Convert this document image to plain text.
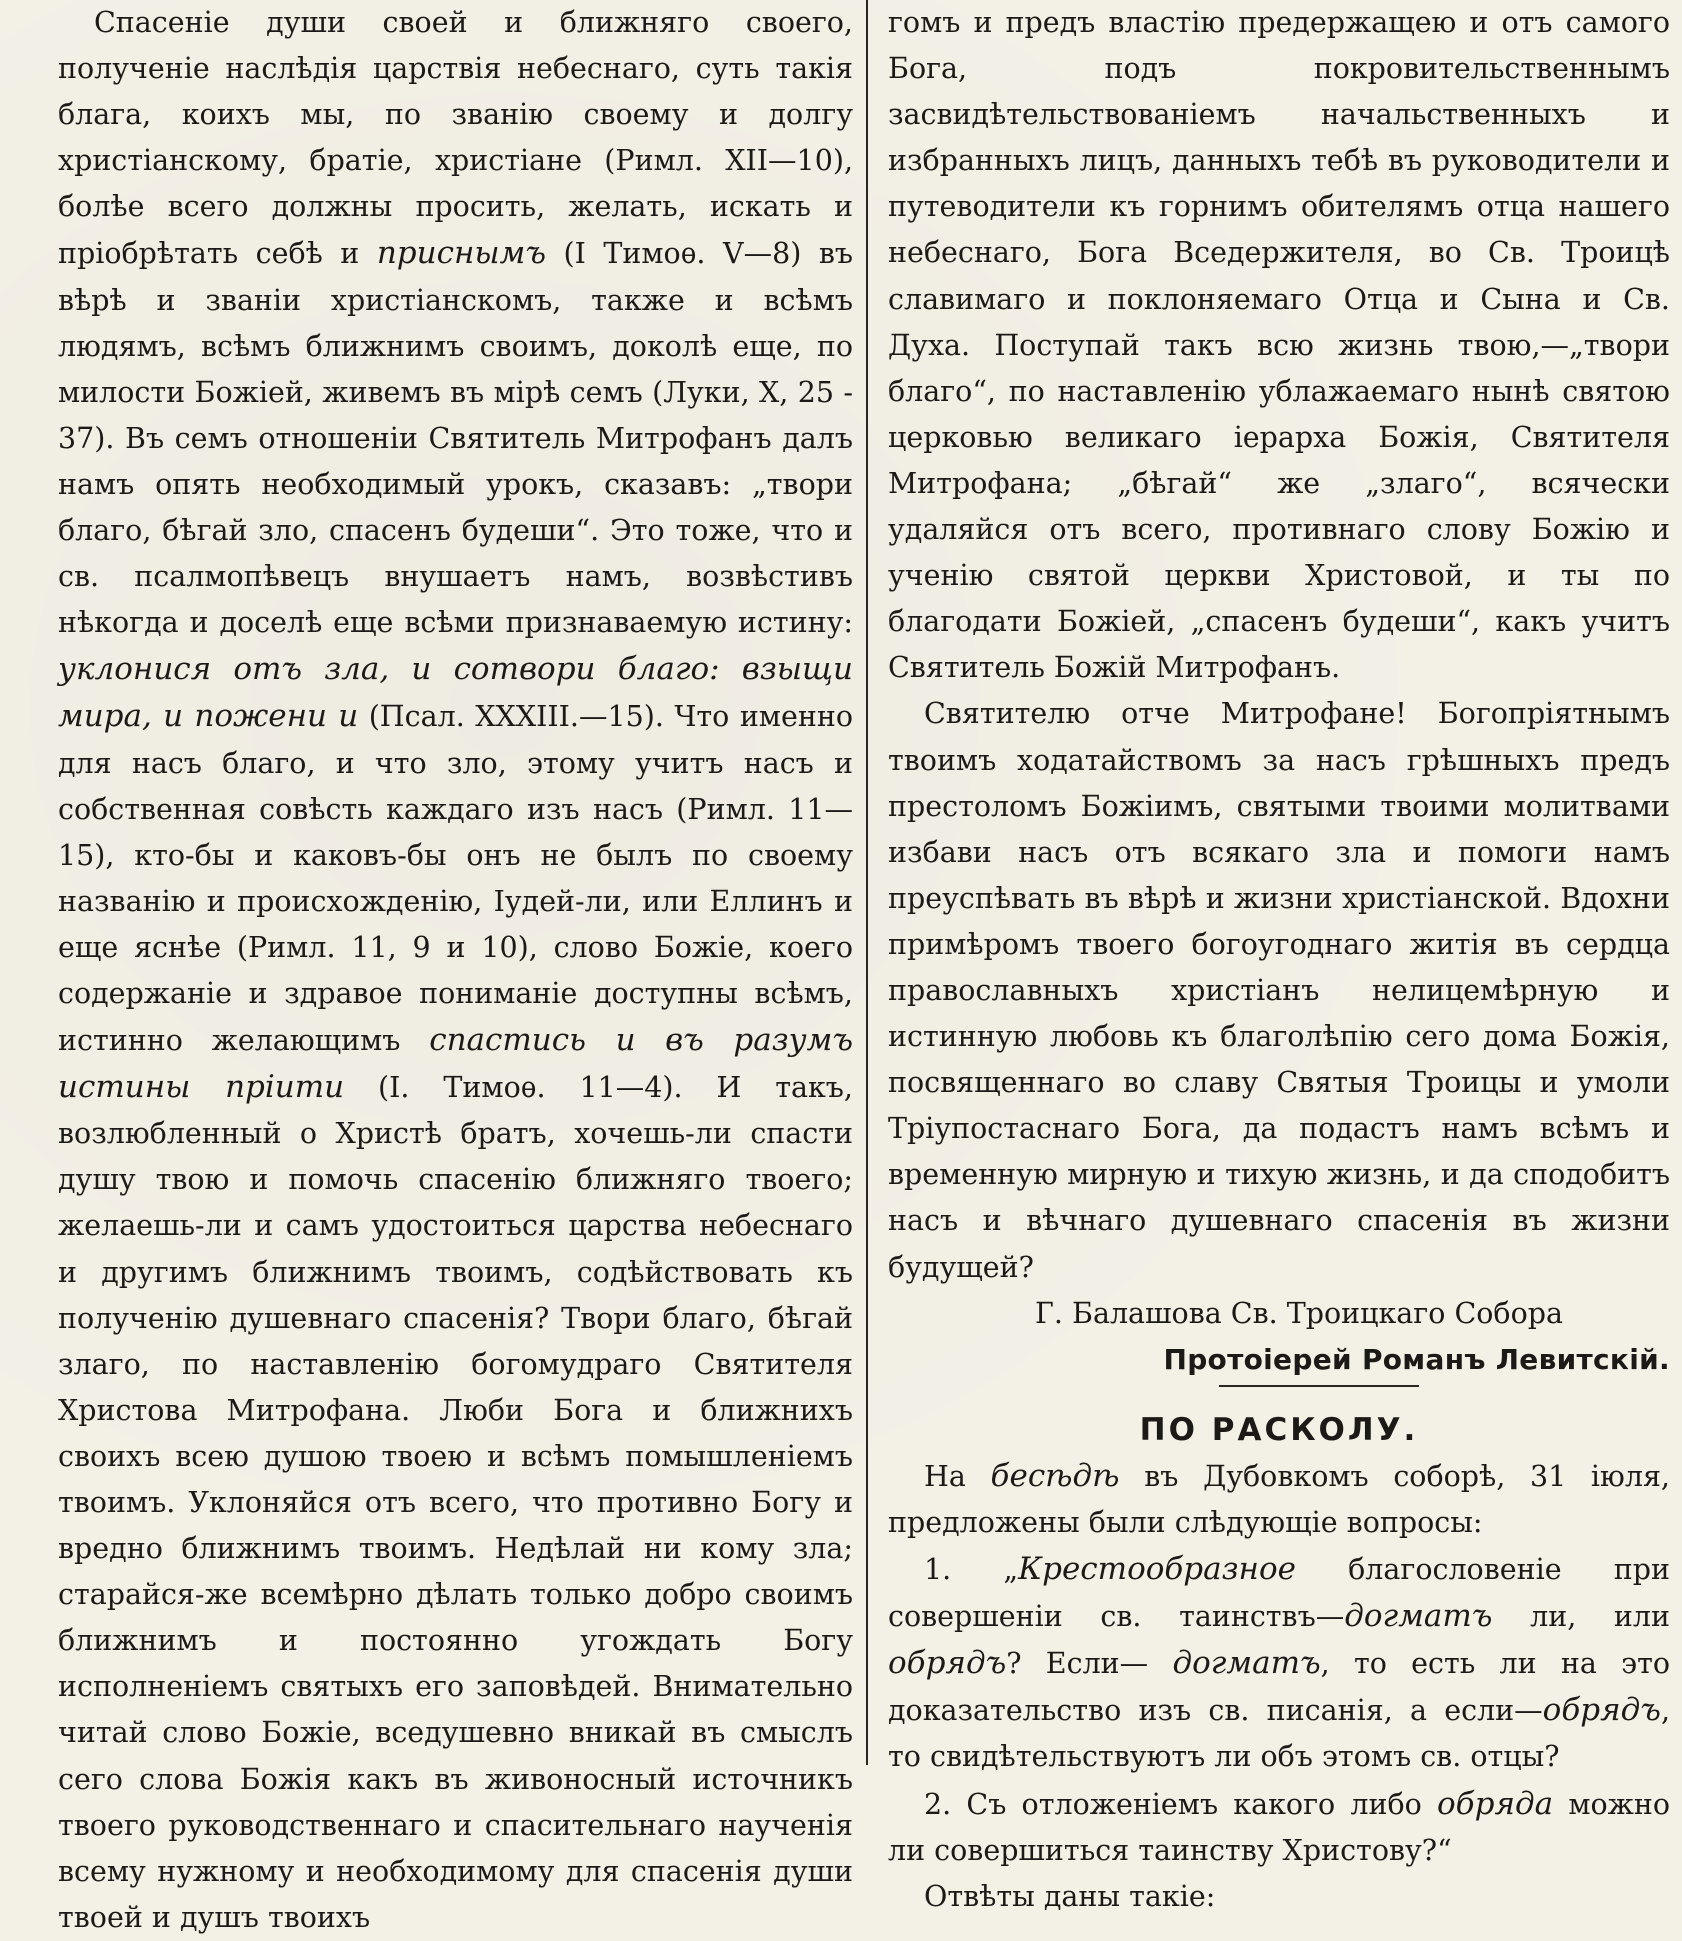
Спасеніе души своей и ближняго своего, полученіе наслѣдія царствія небеснаго, суть такія блага, коихъ мы, по званію своему и долгу христіанскому, братіе, христіане (Римл. XII—10), болѣе всего должны просить, желать, искать и пріобрѣтать себѣ и приснымъ (I Тимоѳ. V—8) въ вѣрѣ и званіи христіанскомъ, также и всѣмъ людямъ, всѣмъ ближнимъ своимъ, доколѣ еще, по милости Божіей, живемъ въ мірѣ семъ (Луки, X, 25 - 37). Въ семъ отношеніи Святитель Митрофанъ далъ намъ опять необходимый урокъ, сказавъ: „твори благо, бѣгай зло, спасенъ будеши“. Это тоже, что и св. псалмопѣвецъ внушаетъ намъ, возвѣстивъ нѣкогда и доселѣ еще всѣми признаваемую истину: уклонися отъ зла, и сотвори благо: взыщи мира, и пожени и (Псал. XXXIII.—15). Что именно для насъ благо, и что зло, этому учитъ насъ и собственная совѣсть каждаго изъ насъ (Римл. 11—15), кто-бы и каковъ-бы онъ не былъ по своему названію и происхожденію, Іудей-ли, или Еллинъ и еще яснѣе (Римл. 11, 9 и 10), слово Божіе, коего содержаніе и здравое пониманіе доступны всѣмъ, истинно желающимъ спастись и въ разумъ истины пріити (I. Тимоѳ. 11—4). И такъ, возлюбленный о Христѣ братъ, хочешь-ли спасти душу твою и помочь спасенію ближняго твоего; желаешь-ли и самъ удостоиться царства небеснаго и другимъ ближнимъ твоимъ, содѣйствовать къ полученію душевнаго спасенія? Твори благо, бѣгай злаго, по наставленію богомудраго Святителя Христова Митрофана. Люби Бога и ближнихъ своихъ всею душою твоею и всѣмъ помышленіемъ твоимъ. Уклоняйся отъ всего, что противно Богу и вредно ближнимъ твоимъ. Недѣлай ни кому зла; старайся-же всемѣрно дѣлать только добро своимъ ближнимъ и постоянно угождать Богу исполненіемъ святыхъ его заповѣдей. Внимательно читай слово Божіе, вседушевно вникай въ смыслъ сего слова Божія какъ въ живоносный источникъ твоего руководственнаго и спасительнаго наученія всему нужному и необходимому для спасенія души твоей и душъ твоихъ

гомъ и предъ властію предержащею и отъ самого Бога, подъ покровительственнымъ засвидѣтельствованіемъ начальственныхъ и избранныхъ лицъ, данныхъ тебѣ въ руководители и путеводители къ горнимъ обителямъ отца нашего небеснаго, Бога Вседержителя, во Св. Троицѣ славимаго и поклоняемаго Отца и Сына и Св. Духа. Поступай такъ всю жизнь твою,—„твори благо“, по наставленію ублажаемаго нынѣ святою церковью великаго іерарха Божія, Святителя Митрофана; „бѣгай“ же „злаго“, всячески удаляйся отъ всего, противнаго слову Божію и ученію святой церкви Христовой, и ты по благодати Божіей, „спасенъ будеши“, какъ учитъ Святитель Божій Митрофанъ.

Святителю отче Митрофане! Богопріятнымъ твоимъ ходатайствомъ за насъ грѣшныхъ предъ престоломъ Божіимъ, святыми твоими молитвами избави насъ отъ всякаго зла и помоги намъ преуспѣвать въ вѣрѣ и жизни христіанской. Вдохни примѣромъ твоего богоугоднаго житія въ сердца православныхъ христіанъ нелицемѣрную и истинную любовь къ благолѣпію сего дома Божія, посвященнаго во славу Святыя Троицы и умоли Тріупостаснаго Бога, да подастъ намъ всѣмъ и временную мирную и тихую жизнь, и да сподобитъ насъ и вѣчнаго душевнаго спасенія въ жизни будущей?

Г. Балашова Св. Троицкаго Собора

Протоіерей Романъ Левитскій.

ПО РАСКОЛУ.

На бесѣдѣ въ Дубовкомъ соборѣ, 31 іюля, предложены были слѣдующіе вопросы:

1. „Крестообразное благословеніе при совершеніи св. таинствъ—догматъ ли, или обрядъ? Если— догматъ, то есть ли на это доказательство изъ св. писанія, а если—обрядъ, то свидѣтельствуютъ ли объ этомъ св. отцы?

2. Съ отложеніемъ какого либо обряда можно ли совершиться таинству Христову?“

Отвѣты даны такіе:
